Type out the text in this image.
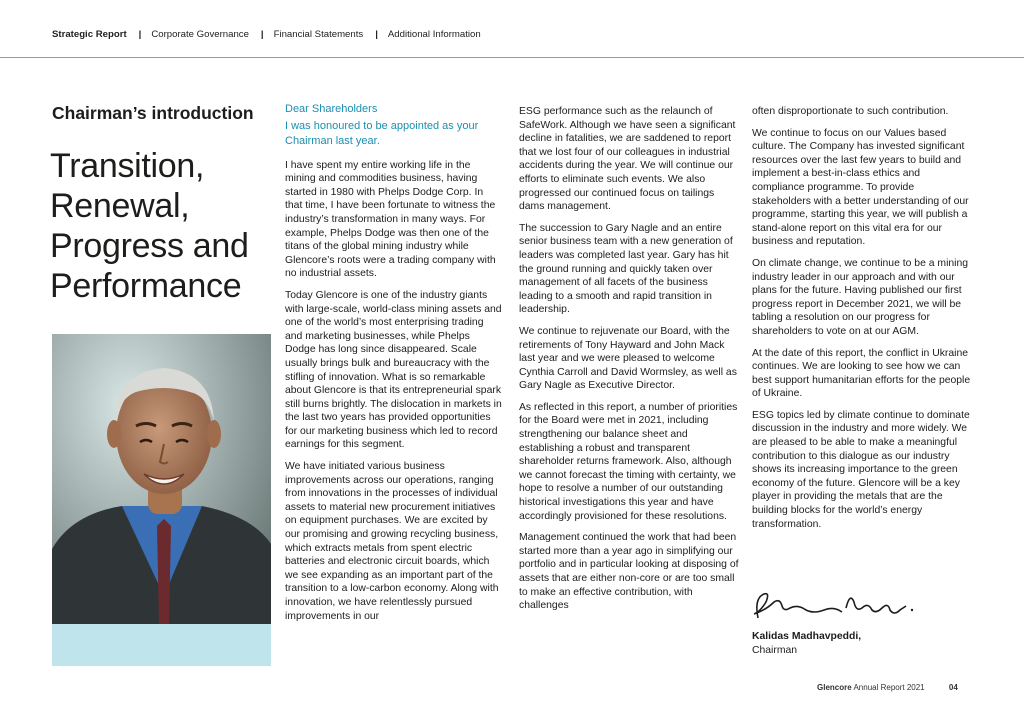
Strategic Report | Corporate Governance | Financial Statements | Additional Information
Chairman’s introduction
Transition,
Renewal,
Progress and
Performance

Dear Shareholders

I was honoured to be appointed as your Chairman last year.

I have spent my entire working life in the mining and commodities business, having started in 1980 with Phelps Dodge Corp. In that time, I have been fortunate to witness the industry’s transformation in many ways. For example, Phelps Dodge was then one of the titans of the global mining industry while Glencore’s roots were a trading company with no industrial assets.

Today Glencore is one of the industry giants with large-scale, world-class mining assets and one of the world’s most enterprising trading and marketing businesses, while Phelps Dodge has long since disappeared. Scale usually brings bulk and bureaucracy with the stifling of innovation. What is so remarkable about Glencore is that its entrepreneurial spark still burns brightly. The dislocation in markets in the last two years has provided opportunities for our marketing business which led to record earnings for this segment.

We have initiated various business improvements across our operations, ranging from innovations in the processes of individual assets to material new procurement initiatives on equipment purchases. We are excited by our promising and growing recycling business, which extracts metals from spent electric batteries and electronic circuit boards, which we see expanding as an important part of the transition to a low-carbon economy. Along with innovation, we have relentlessly pursued improvements in our

ESG performance such as the relaunch of SafeWork. Although we have seen a significant decline in fatalities, we are saddened to report that we lost four of our colleagues in industrial accidents during the year. We will continue our efforts to eliminate such events. We also progressed our continued focus on tailings dams management.

The succession to Gary Nagle and an entire senior business team with a new generation of leaders was completed last year. Gary has hit the ground running and quickly taken over management of all facets of the business leading to a smooth and rapid transition in leadership.

We continue to rejuvenate our Board, with the retirements of Tony Hayward and John Mack last year and we were pleased to welcome Cynthia Carroll and David Wormsley, as well as Gary Nagle as Executive Director.

As reflected in this report, a number of priorities for the Board were met in 2021, including strengthening our balance sheet and establishing a robust and transparent shareholder returns framework. Also, although we cannot forecast the timing with certainty, we hope to resolve a number of our outstanding historical investigations this year and have accordingly provisioned for these resolutions.

Management continued the work that had been started more than a year ago in simplifying our portfolio and in particular looking at disposing of assets that are either non-core or are too small to make an effective contribution, with challenges

often disproportionate to such contribution.

We continue to focus on our Values based culture. The Company has invested significant resources over the last few years to build and implement a best-in-class ethics and compliance programme. To provide stakeholders with a better understanding of our programme, starting this year, we will publish a stand-alone report on this vital era for our business and reputation.

On climate change, we continue to be a mining industry leader in our approach and with our plans for the future. Having published our first progress report in December 2021, we will be tabling a resolution on our progress for shareholders to vote on at our AGM.

At the date of this report, the conflict in Ukraine continues. We are looking to see how we can best support humanitarian efforts for the people of Ukraine.

ESG topics led by climate continue to dominate discussion in the industry and more widely. We are pleased to be able to make a meaningful contribution to this dialogue as our industry shows its increasing importance to the green economy of the future. Glencore will be a key player in providing the metals that are the building blocks for the world’s energy transformation.

Kalidas Madhavpeddi,
Chairman
Glencore Annual Report 2021	04
